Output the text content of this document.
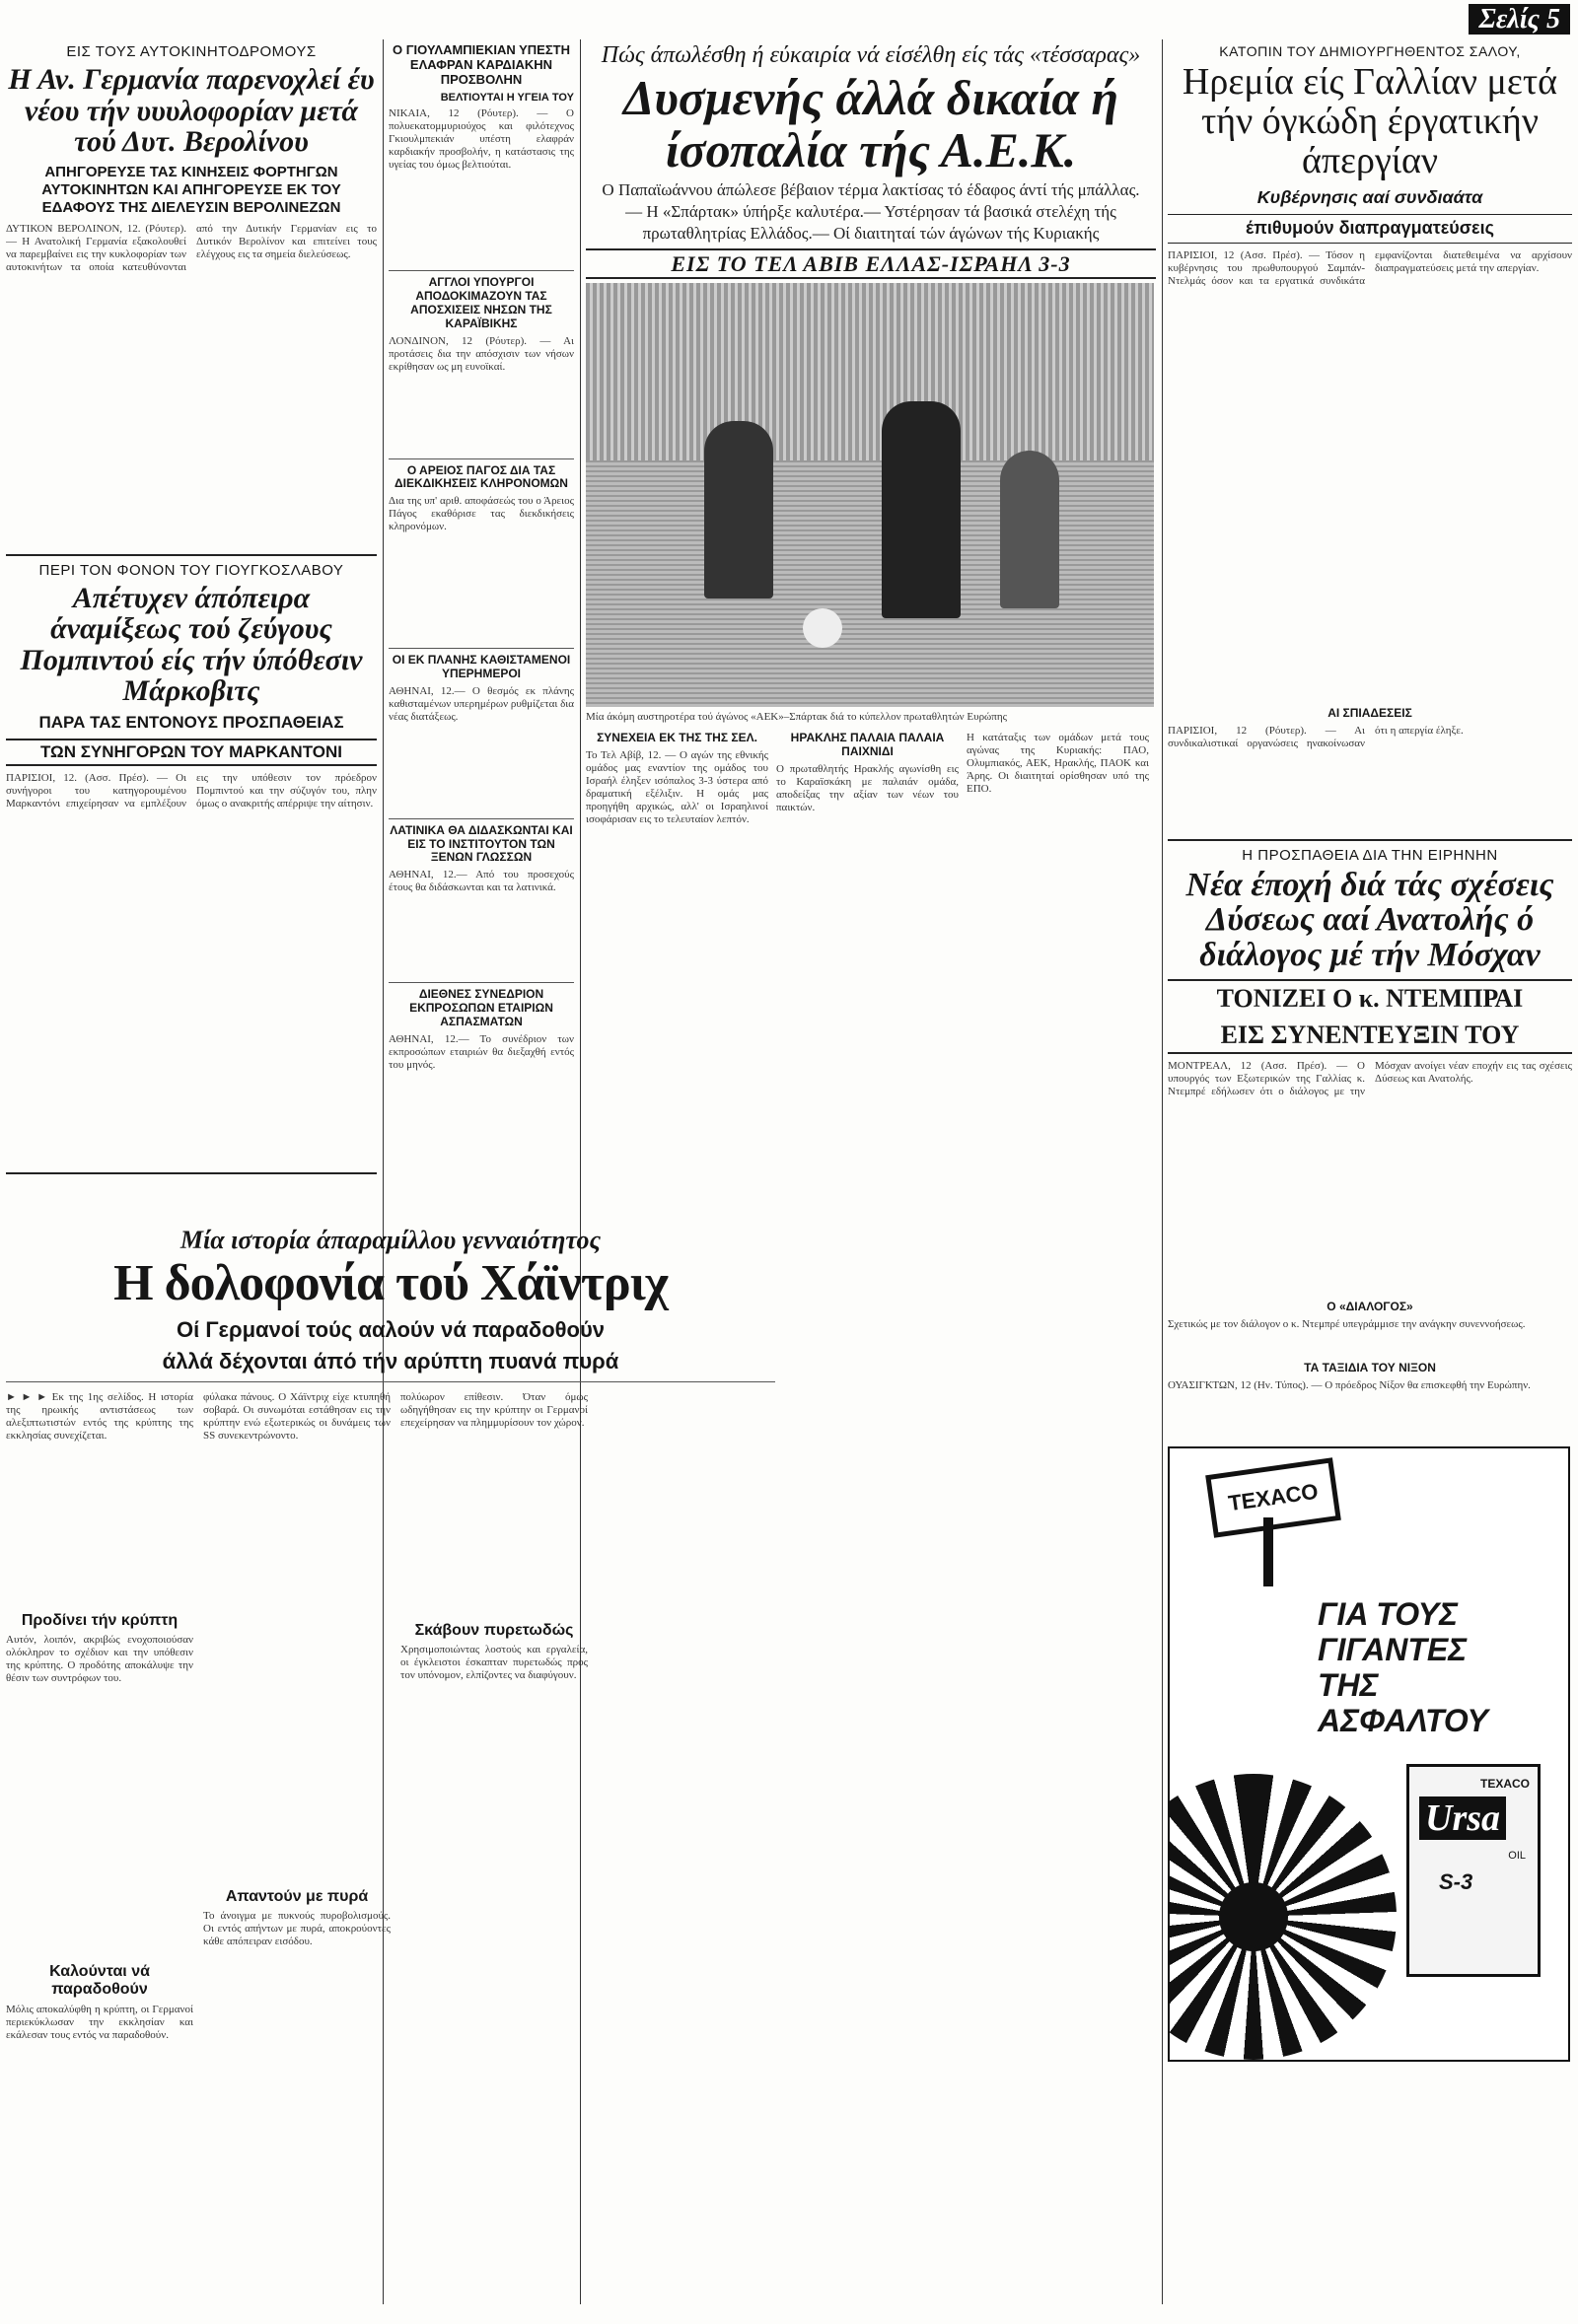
Σελίς 5
ΕΙΣ ΤΟΥΣ ΑΥΤΟΚΙΝΗΤΟΔΡΟΜΟΥΣ
Η Αν. Γερμανία παρενοχλεί έυ νέου τήν υυυλοφορίαν μετά τού Δυτ. Βερολίνου
ΑΠΗΓΟΡΕΥΣΕ ΤΑΣ ΚΙΝΗΣΕΙΣ ΦΟΡΤΗΓΩΝ ΑΥΤΟΚΙΝΗΤΩΝ ΚΑΙ ΑΠΗΓΟΡΕΥΣΕ ΕΚ ΤΟΥ ΕΔΑΦΟΥΣ ΤΗΣ ΔΙΕΛΕΥΣΙΝ ΒΕΡΟΛΙΝΕΖΩΝ
ΔΥΤΙΚΟΝ ΒΕΡΟΛΙΝΟΝ, 12. (Ρόυτερ).— Η Ανατολική Γερμανία εξακολουθεί να παρεμβαίνει εις την κυκλοφορίαν των αυτοκινήτων τα οποία κατευθύνονται από την Δυτικήν Γερμανίαν εις το Δυτικόν Βερολίνον και επιτείνει τους ελέγχους εις τα σημεία διελεύσεως.
ΠΕΡΙ ΤΟΝ ΦΟΝΟΝ ΤΟΥ ΓΙΟΥΓΚΟΣΛΑΒΟΥ
Απέτυχεν άπόπειρα άναμίξεως τού ζεύγους Πομπιντού είς τήν ύπόθεσιν Μάρκοβιτς
ΠΑΡΑ ΤΑΣ ΕΝΤΟΝΟΥΣ ΠΡΟΣΠΑΘΕΙΑΣ
ΤΩΝ ΣΥΝΗΓΟΡΩΝ ΤΟΥ ΜΑΡΚΑΝΤΟΝΙ
ΠΑΡΙΣΙΟΙ, 12. (Ασσ. Πρέσ). — Οι συνήγοροι του κατηγορουμένου Μαρκαντόνι επιχείρησαν να εμπλέξουν εις την υπόθεσιν τον πρόεδρον Πομπιντού και την σύζυγόν του, πλην όμως ο ανακριτής απέρριψε την αίτησιν.
Μία ιστορία άπαραμίλλου γενναιότητος
Η δολοφονία τού Χάϊντριχ
Οί Γερμανοί τούς ααλούν νά παραδοθούν
άλλά δέχονται άπό τήν αρύπτη πυανά πυρά
► ► ► Εκ της 1ης σελίδος. Η ιστορία της ηρωικής αντιστάσεως των αλεξιπτωτιστών εντός της κρύπτης της εκκλησίας συνεχίζεται.
Προδίνει τήν κρύπτη
Αυτόν, λοιπόν, ακριβώς ενοχοποιούσαν ολόκληρον το σχέδιον και την υπόθεσιν της κρύπτης. Ο προδότης αποκάλυψε την θέσιν των συντρόφων του.
Καλούνται νά παραδοθούν
Μόλις αποκαλύφθη η κρύπτη, οι Γερμανοί περιεκύκλωσαν την εκκλησίαν και εκάλεσαν τους εντός να παραδοθούν.
φύλακα πάνους. Ο Χάϊντριχ είχε κτυπηθή σοβαρά. Οι συνωμόται εστάθησαν εις την κρύπτην ενώ εξωτερικώς οι δυνάμεις των SS συνεκεντρώνοντο.
Απαντούν με πυρά
Το άνοιγμα με πυκνούς πυροβολισμούς. Οι εντός απήντων με πυρά, αποκρούοντες κάθε απόπειραν εισόδου.
πολύωρον επίθεσιν. Όταν όμως ωδηγήθησαν εις την κρύπτην οι Γερμανοί επεχείρησαν να πλημμυρίσουν τον χώρον.
Σκάβουν πυρετωδώς
Χρησιμοποιώντας λοστούς και εργαλεία, οι έγκλειστοι έσκαπταν πυρετωδώς προς τον υπόνομον, ελπίζοντες να διαφύγουν.
Ο ΓΙΟΥΛΑΜΠΙΕΚΙΑΝ ΥΠΕΣΤΗ ΕΛΑΦΡΑΝ ΚΑΡΔΙΑΚΗΝ ΠΡΟΣΒΟΛΗΝ
ΒΕΛΤΙΟΥΤΑΙ Η ΥΓΕΙΑ ΤΟΥ
ΝΙΚΑΙΑ, 12 (Ρόυτερ). — Ο πολυεκατομμυριούχος και φιλότεχνος Γκιουλμπεκιάν υπέστη ελαφράν καρδιακήν προσβολήν, η κατάστασις της υγείας του όμως βελτιούται.
ΑΓΓΛΟΙ ΥΠΟΥΡΓΟΙ ΑΠΟΔΟΚΙΜΑΖΟΥΝ ΤΑΣ ΑΠΟΣΧΙΣΕΙΣ ΝΗΣΩΝ ΤΗΣ ΚΑΡΑΪΒΙΚΗΣ
ΛΟΝΔΙΝΟΝ, 12 (Ρόυτερ). — Αι προτάσεις δια την απόσχισιν των νήσων εκρίθησαν ως μη ευνοϊκαί.
Ο ΑΡΕΙΟΣ ΠΑΓΟΣ ΔΙΑ ΤΑΣ ΔΙΕΚΔΙΚΗΣΕΙΣ ΚΛΗΡΟΝΟΜΩΝ
Δια της υπ' αριθ. αποφάσεώς του ο Άρειος Πάγος εκαθόρισε τας διεκδικήσεις κληρονόμων.
ΟΙ ΕΚ ΠΛΑΝΗΣ ΚΑΘΙΣΤΑΜΕΝΟΙ ΥΠΕΡΗΜΕΡΟΙ
ΑΘΗΝΑΙ, 12.— Ο θεσμός εκ πλάνης καθισταμένων υπερημέρων ρυθμίζεται δια νέας διατάξεως.
ΛΑΤΙΝΙΚΑ ΘΑ ΔΙΔΑΣΚΩΝΤΑΙ ΚΑΙ ΕΙΣ ΤΟ ΙΝΣΤΙΤΟΥΤΟΝ ΤΩΝ ΞΕΝΩΝ ΓΛΩΣΣΩΝ
ΑΘΗΝΑΙ, 12.— Από του προσεχούς έτους θα διδάσκωνται και τα λατινικά.
ΔΙΕΘΝΕΣ ΣΥΝΕΔΡΙΟΝ ΕΚΠΡΟΣΩΠΩΝ ΕΤΑΙΡΙΩΝ ΑΣΠΑΣΜΑΤΩΝ
ΑΘΗΝΑΙ, 12.— Το συνέδριον των εκπροσώπων εταιριών θα διεξαχθή εντός του μηνός.
Πώς άπωλέσθη ή εύκαιρία νά είσέλθη είς τάς «τέσσαρας»
Δυσμενής άλλά δικαία ή ίσοπαλία τής Α.Ε.Κ.
Ο Παπαϊωάννου άπώλεσε βέβαιον τέρμα λακτίσας τό έδαφος άντί τής μπάλλας.— Η «Σπάρτακ» ύπήρξε καλυτέρα.— Υστέρησαν τά βασικά στελέχη τής πρωταθλητρίας Ελλάδος.— Οί διαιτηταί τών άγώνων τής Κυριακής
ΕΙΣ ΤΟ ΤΕΛ ΑΒΙΒ ΕΛΛΑΣ-ΙΣΡΑΗΛ 3-3
Μία άκόμη αυστηροτέρα τού άγώνος «ΑΕΚ»–Σπάρτακ διά το κύπελλον πρωταθλητών Ευρώπης
ΣΥΝΕΧΕΙΑ ΕΚ ΤΗΣ ΤΗΣ ΣΕΛ.
Το Τελ Αβίβ, 12. — Ο αγών της εθνικής ομάδος μας εναντίον της ομάδος του Ισραήλ έληξεν ισόπαλος 3-3 ύστερα από δραματική εξέλιξιν. Η ομάς μας προηγήθη αρχικώς, αλλ' οι Ισραηλινοί ισοφάρισαν εις το τελευταίον λεπτόν.
ΗΡΑΚΛΗΣ ΠΑΛΑΙΑ ΠΑΛΑΙΑ ΠΑΙΧΝΙΔΙ
Ο πρωταθλητής Ηρακλής αγωνίσθη εις το Καραϊσκάκη με παλαιάν ομάδα, αποδείξας την αξίαν των νέων του παικτών.
Η κατάταξις των ομάδων μετά τους αγώνας της Κυριακής: ΠΑΟ, Ολυμπιακός, ΑΕΚ, Ηρακλής, ΠΑΟΚ και Άρης. Οι διαιτηταί ορίσθησαν υπό της ΕΠΟ.
ΚΑΤΟΠΙΝ ΤΟΥ ΔΗΜΙΟΥΡΓΗΘΕΝΤΟΣ ΣΑΛΟΥ,
Ηρεμία είς Γαλλίαν μετά τήν όγκώδη έργατικήν άπεργίαν
Κυβέρνησις ααί συνδιαάτα
έπιθυμούν διαπραγματεύσεις
ΠΑΡΙΣΙΟΙ, 12 (Ασσ. Πρέσ). — Τόσον η κυβέρνησις του πρωθυπουργού Σαμπάν-Ντελμάς όσον και τα εργατικά συνδικάτα εμφανίζονται διατεθειμένα να αρχίσουν διαπραγματεύσεις μετά την απεργίαν.
ΑΙ ΣΠΙΑΔΕΣΕΙΣ
ΠΑΡΙΣΙΟΙ, 12 (Ρόυτερ). — Αι συνδικαλιστικαί οργανώσεις ηνακοίνωσαν ότι η απεργία έληξε.
Η ΠΡΟΣΠΑΘΕΙΑ ΔΙΑ ΤΗΝ ΕΙΡΗΝΗΝ
Νέα έποχή διά τάς σχέσεις Δύσεως ααί Ανατολής ό διάλογος μέ τήν Μόσχαν
ΤΟΝΙΖΕΙ Ο κ. ΝΤΕΜΠΡΑΙ
ΕΙΣ ΣΥΝΕΝΤΕΥΞΙΝ ΤΟΥ
ΜΟΝΤΡΕΑΛ, 12 (Ασσ. Πρέσ). — Ο υπουργός των Εξωτερικών της Γαλλίας κ. Ντεμπρέ εδήλωσεν ότι ο διάλογος με την Μόσχαν ανοίγει νέαν εποχήν εις τας σχέσεις Δύσεως και Ανατολής.
Ο «ΔΙΑΛΟΓΟΣ»
Σχετικώς με τον διάλογον ο κ. Ντεμπρέ υπεγράμμισε την ανάγκην συνεννοήσεως.
ΤΑ ΤΑΞΙΔΙΑ ΤΟΥ ΝΙΞΟΝ
ΟΥΑΣΙΓΚΤΩΝ, 12 (Ην. Τύπος). — Ο πρόεδρος Νίξον θα επισκεφθή την Ευρώπην.
TEXACO
ΓΙΑ ΤΟΥΣ ΓΙΓΑΝΤΕΣ ΤΗΣ ΑΣΦΑΛΤΟΥ
TEXACO
Ursa
OIL
S-3
